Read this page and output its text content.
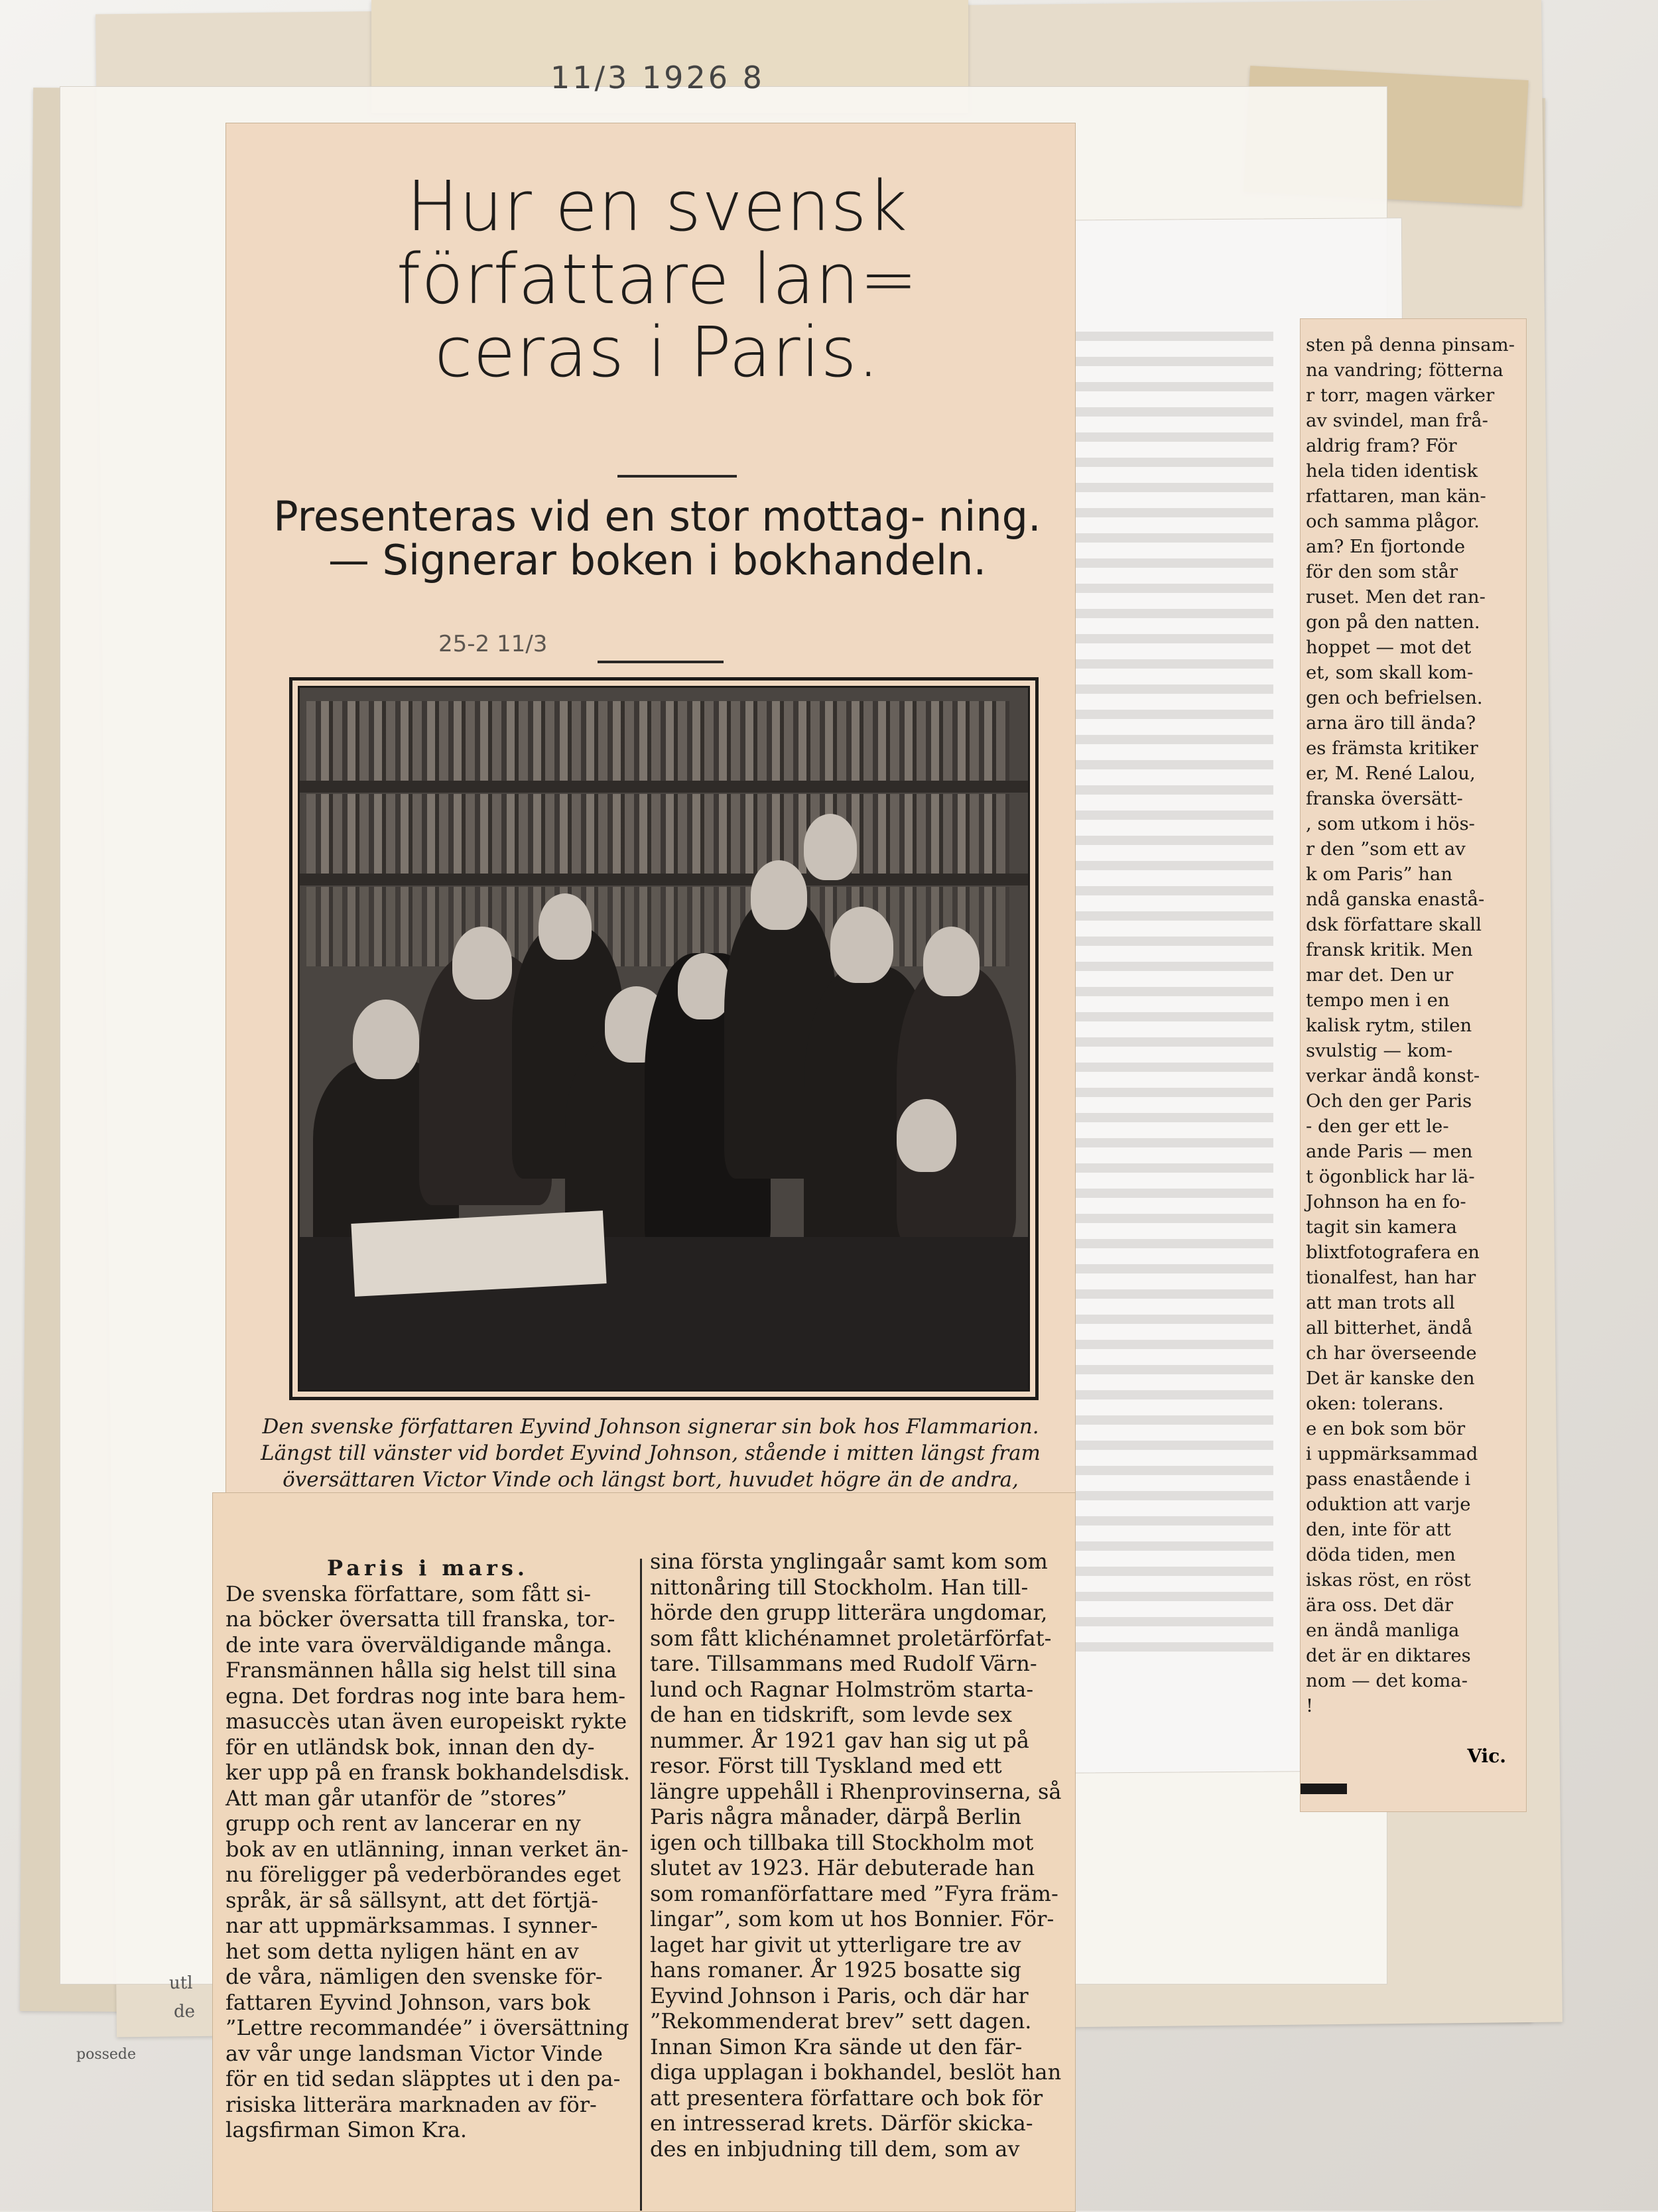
11/3 1926 8
utl
de
possede
sten på denna pinsam-
na vandring; fötterna
r torr, magen värker
av svindel, man frå-
aldrig fram? För
hela tiden identisk
rfattaren, man kän-
och samma plågor.
am? En fjortonde
för den som står
ruset. Men det ran-
gon på den natten.
hoppet — mot det
et, som skall kom-
gen och befrielsen.
arna äro till ända?
es främsta kritiker
er, M. René Lalou,
franska översätt-
, som utkom i hös-
r den ”som ett av
k om Paris” han
ndå ganska enastå-
dsk författare skall
fransk kritik. Men
mar det. Den ur
tempo men i en
kalisk rytm, stilen
svulstig — kom-
verkar ändå konst-
Och den ger Paris
- den ger ett le-
ande Paris — men
t ögonblick har lä-
Johnson ha en fo-
tagit sin kamera
blixtfotografera en
tionalfest, han har
att man trots all
all bitterhet, ändå
ch har överseende
Det är kanske den
oken: tolerans.
e en bok som bör
i uppmärksammad
pass enastående i
oduktion att varje
den, inte för att
döda tiden, men
iskas röst, en röst
ära oss. Det där
en ändå manliga
det är en diktares
nom — det koma-
!
Vic.
Hur en svensk författare lan= ceras i Paris.
Presenteras vid en stor mottag- ning. — Signerar boken i bokhandeln.
25-2 11/3
Den svenske författaren Eyvind Johnson signerar sin bok hos Flammarion. Längst till vänster vid bordet Eyvind Johnson, stående i mitten längst fram översättaren Victor Vinde och längst bort, huvudet högre än de andra,
Paris i mars.
De svenska författare, som fått si-
na böcker översatta till franska, tor-
de inte vara överväldigande många.
Fransmännen hålla sig helst till sina
egna. Det fordras nog inte bara hem-
masuccès utan även europeiskt rykte
för en utländsk bok, innan den dy-
ker upp på en fransk bokhandelsdisk.
Att man går utanför de ”stores”
grupp och rent av lancerar en ny
bok av en utlänning, innan verket än-
nu föreligger på vederbörandes eget
språk, är så sällsynt, att det förtjä-
nar att uppmärksammas. I synner-
het som detta nyligen hänt en av
de våra, nämligen den svenske för-
fattaren Eyvind Johnson, vars bok
”Lettre recommandée” i översättning
av vår unge landsman Victor Vinde
för en tid sedan släpptes ut i den pa-
risiska litterära marknaden av för-
lagsfirman Simon Kra.
sina första ynglingaår samt kom som
nittonåring till Stockholm. Han till-
hörde den grupp litterära ungdomar,
som fått klichénamnet proletärförfat-
tare. Tillsammans med Rudolf Värn-
lund och Ragnar Holmström starta-
de han en tidskrift, som levde sex
nummer. År 1921 gav han sig ut på
resor. Först till Tyskland med ett
längre uppehåll i Rhenprovinserna, så
Paris några månader, därpå Berlin
igen och tillbaka till Stockholm mot
slutet av 1923. Här debuterade han
som romanförfattare med ”Fyra främ-
lingar”, som kom ut hos Bonnier. För-
laget har givit ut ytterligare tre av
hans romaner. År 1925 bosatte sig
Eyvind Johnson i Paris, och där har
”Rekommenderat brev” sett dagen.
Innan Simon Kra sände ut den fär-
diga upplagan i bokhandel, beslöt han
att presentera författare och bok för
en intresserad krets. Därför skicka-
des en inbjudning till dem, som av
